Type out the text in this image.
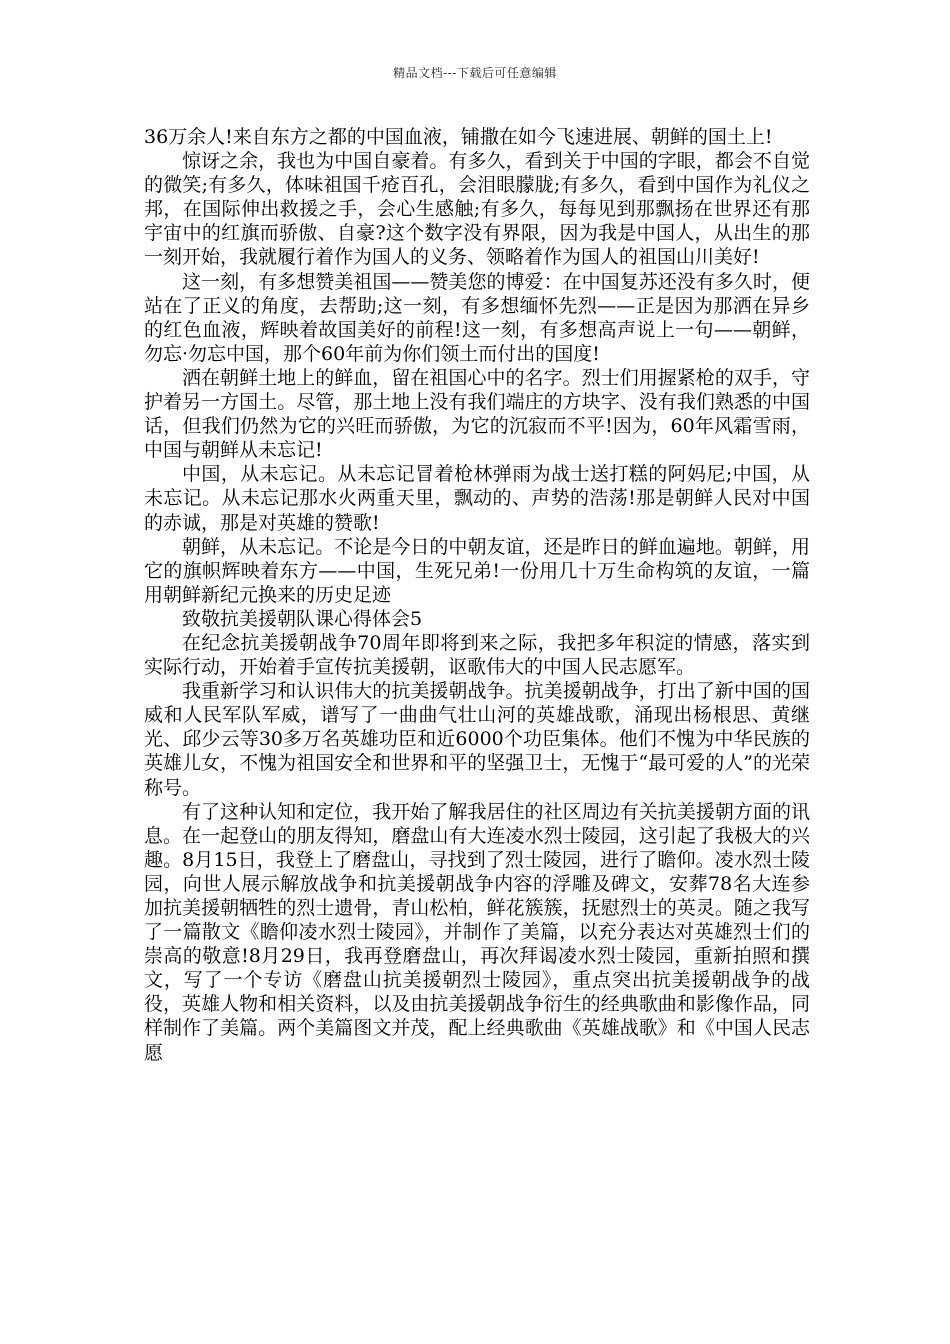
精品文档---下载后可任意编辑

36万余人!来自东方之都的中国血液，铺撒在如今飞速进展、朝鲜的国土上!

惊讶之余，我也为中国自豪着。有多久，看到关于中国的字眼，都会不自觉的微笑;有多久，体味祖国千疮百孔，会泪眼朦胧;有多久，看到中国作为礼仪之邦，在国际伸出救援之手，会心生感触;有多久，每每见到那飘扬在世界还有那宇宙中的红旗而骄傲、自豪?这个数字没有界限，因为我是中国人，从出生的那一刻开始，我就履行着作为国人的义务、领略着作为国人的祖国山川美好!

这一刻，有多想赞美祖国——赞美您的博爱：在中国复苏还没有多久时，便站在了正义的角度，去帮助;这一刻，有多想缅怀先烈——正是因为那洒在异乡的红色血液，辉映着故国美好的前程!这一刻，有多想高声说上一句——朝鲜，勿忘·勿忘中国，那个60年前为你们领土而付出的国度!

洒在朝鲜土地上的鲜血，留在祖国心中的名字。烈士们用握紧枪的双手，守护着另一方国土。尽管，那土地上没有我们端庄的方块字、没有我们熟悉的中国话，但我们仍然为它的兴旺而骄傲，为它的沉寂而不平!因为，60年风霜雪雨，中国与朝鲜从未忘记!

中国，从未忘记。从未忘记冒着枪林弹雨为战士送打糕的阿妈尼;中国，从未忘记。从未忘记那水火两重天里，飘动的、声势的浩荡!那是朝鲜人民对中国的赤诚，那是对英雄的赞歌!

朝鲜，从未忘记。不论是今日的中朝友谊，还是昨日的鲜血遍地。朝鲜，用它的旗帜辉映着东方——中国，生死兄弟!一份用几十万生命构筑的友谊，一篇用朝鲜新纪元换来的历史足迹

致敬抗美援朝队课心得体会5

在纪念抗美援朝战争70周年即将到来之际，我把多年积淀的情感，落实到实际行动，开始着手宣传抗美援朝，讴歌伟大的中国人民志愿军。

我重新学习和认识伟大的抗美援朝战争。抗美援朝战争，打出了新中国的国威和人民军队军威，谱写了一曲曲气壮山河的英雄战歌，涌现出杨根思、黄继光、邱少云等30多万名英雄功臣和近6000个功臣集体。他们不愧为中华民族的英雄儿女，不愧为祖国安全和世界和平的坚强卫士，无愧于“最可爱的人”的光荣称号。

有了这种认知和定位，我开始了解我居住的社区周边有关抗美援朝方面的讯息。在一起登山的朋友得知，磨盘山有大连凌水烈士陵园，这引起了我极大的兴趣。8月15日，我登上了磨盘山，寻找到了烈士陵园，进行了瞻仰。凌水烈士陵园，向世人展示解放战争和抗美援朝战争内容的浮雕及碑文，安葬78名大连参加抗美援朝牺牲的烈士遗骨，青山松柏，鲜花簇簇，抚慰烈士的英灵。随之我写了一篇散文《瞻仰凌水烈士陵园》，并制作了美篇，以充分表达对英雄烈士们的崇高的敬意!8月29日，我再登磨盘山，再次拜谒凌水烈士陵园，重新拍照和撰文，写了一个专访《磨盘山抗美援朝烈士陵园》，重点突出抗美援朝战争的战役，英雄人物和相关资料，以及由抗美援朝战争衍生的经典歌曲和影像作品，同样制作了美篇。两个美篇图文并茂，配上经典歌曲《英雄战歌》和《中国人民志愿
